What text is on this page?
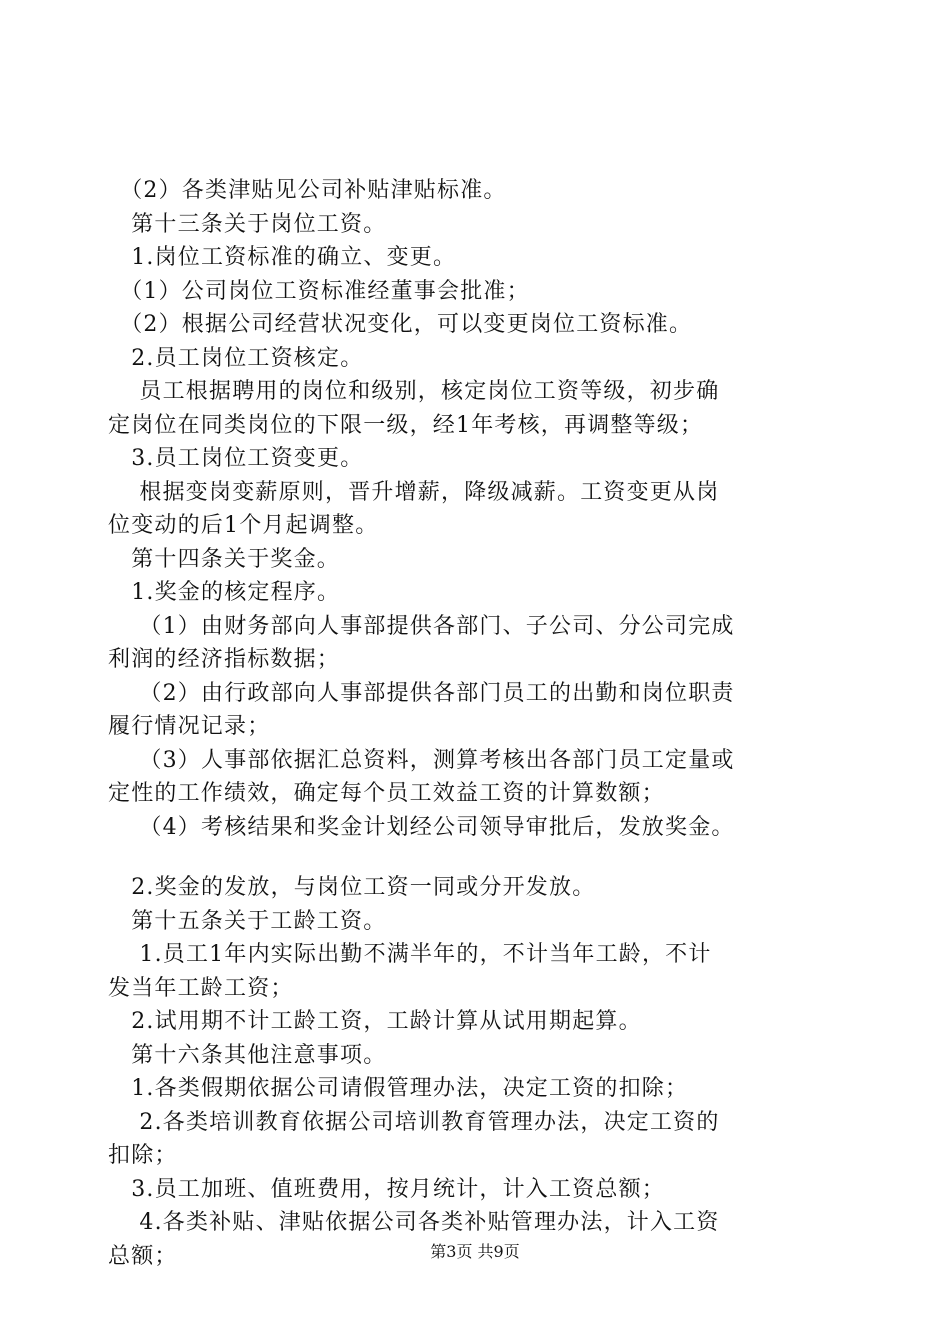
　（2）各类津贴见公司补贴津贴标准。
　第十三条关于岗位工资。
　1.岗位工资标准的确立、变更。
　（1）公司岗位工资标准经董事会批准；
　（2）根据公司经营状况变化，可以变更岗位工资标准。
　2.员工岗位工资核定。
　 员工根据聘用的岗位和级别，核定岗位工资等级，初步确
定岗位在同类岗位的下限一级，经1年考核，再调整等级；
　3.员工岗位工资变更。
　 根据变岗变薪原则，晋升增薪，降级减薪。工资变更从岗
位变动的后1个月起调整。
　第十四条关于奖金。
　1.奖金的核定程序。
　 （1）由财务部向人事部提供各部门、子公司、分公司完成
利润的经济指标数据；
　 （2）由行政部向人事部提供各部门员工的出勤和岗位职责
履行情况记录；
　 （3）人事部依据汇总资料，测算考核出各部门员工定量或
定性的工作绩效，确定每个员工效益工资的计算数额；
　 （4）考核结果和奖金计划经公司领导审批后，发放奖金。
　2.奖金的发放，与岗位工资一同或分开发放。
　第十五条关于工龄工资。
　 1.员工1年内实际出勤不满半年的，不计当年工龄，不计
发当年工龄工资；
　2.试用期不计工龄工资，工龄计算从试用期起算。
　第十六条其他注意事项。
　1.各类假期依据公司请假管理办法，决定工资的扣除；
　 2.各类培训教育依据公司培训教育管理办法，决定工资的
扣除；
　3.员工加班、值班费用，按月统计，计入工资总额；
　 4.各类补贴、津贴依据公司各类补贴管理办法，计入工资
总额；	第3页 共9页
